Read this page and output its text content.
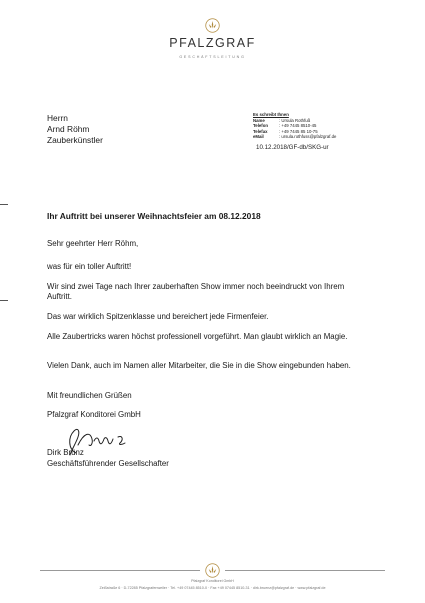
PFALZGRAF
GESCHÄFTSLEITUNG
Herrn
Arnd Röhm
Zauberkünstler
Es schreibt Ihnen
Name	: Ursula Rothfuß
Telefon	: +49 7445 8510-45
Telefax	: +49 7445 85 10-75
eMail	: ursula.rothfuss@pfalzgraf.de
10.12.2018/GF-db/SKG-ur
Ihr Auftritt bei unserer Weihnachtsfeier am 08.12.2018
Sehr geehrter Herr Röhm,
was für ein toller Auftritt!
Wir sind zwei Tage nach Ihrer zauberhaften Show immer noch beeindruckt von Ihrem Auftritt.
Das war wirklich Spitzenklasse und bereichert jede Firmenfeier.
Alle Zaubertricks waren höchst professionell vorgeführt. Man glaubt wirklich an Magie.
Vielen Dank, auch im Namen aller Mitarbeiter, die Sie in die Show eingebunden haben.
Mit freundlichen Grüßen
Pfalzgraf Konditorei GmbH
Dirk Brünz
Geschäftsführender Gesellschafter
Pfalzgraf Konditorei GmbH
Zeißstraße 6 · D-72285 Pfalzgrafenweiler · Tel. +49 07445 8510-0 · Fax +49 07445 8510-31 · dirk.bruenz@pfalzgraf.de · www.pfalzgraf.de
